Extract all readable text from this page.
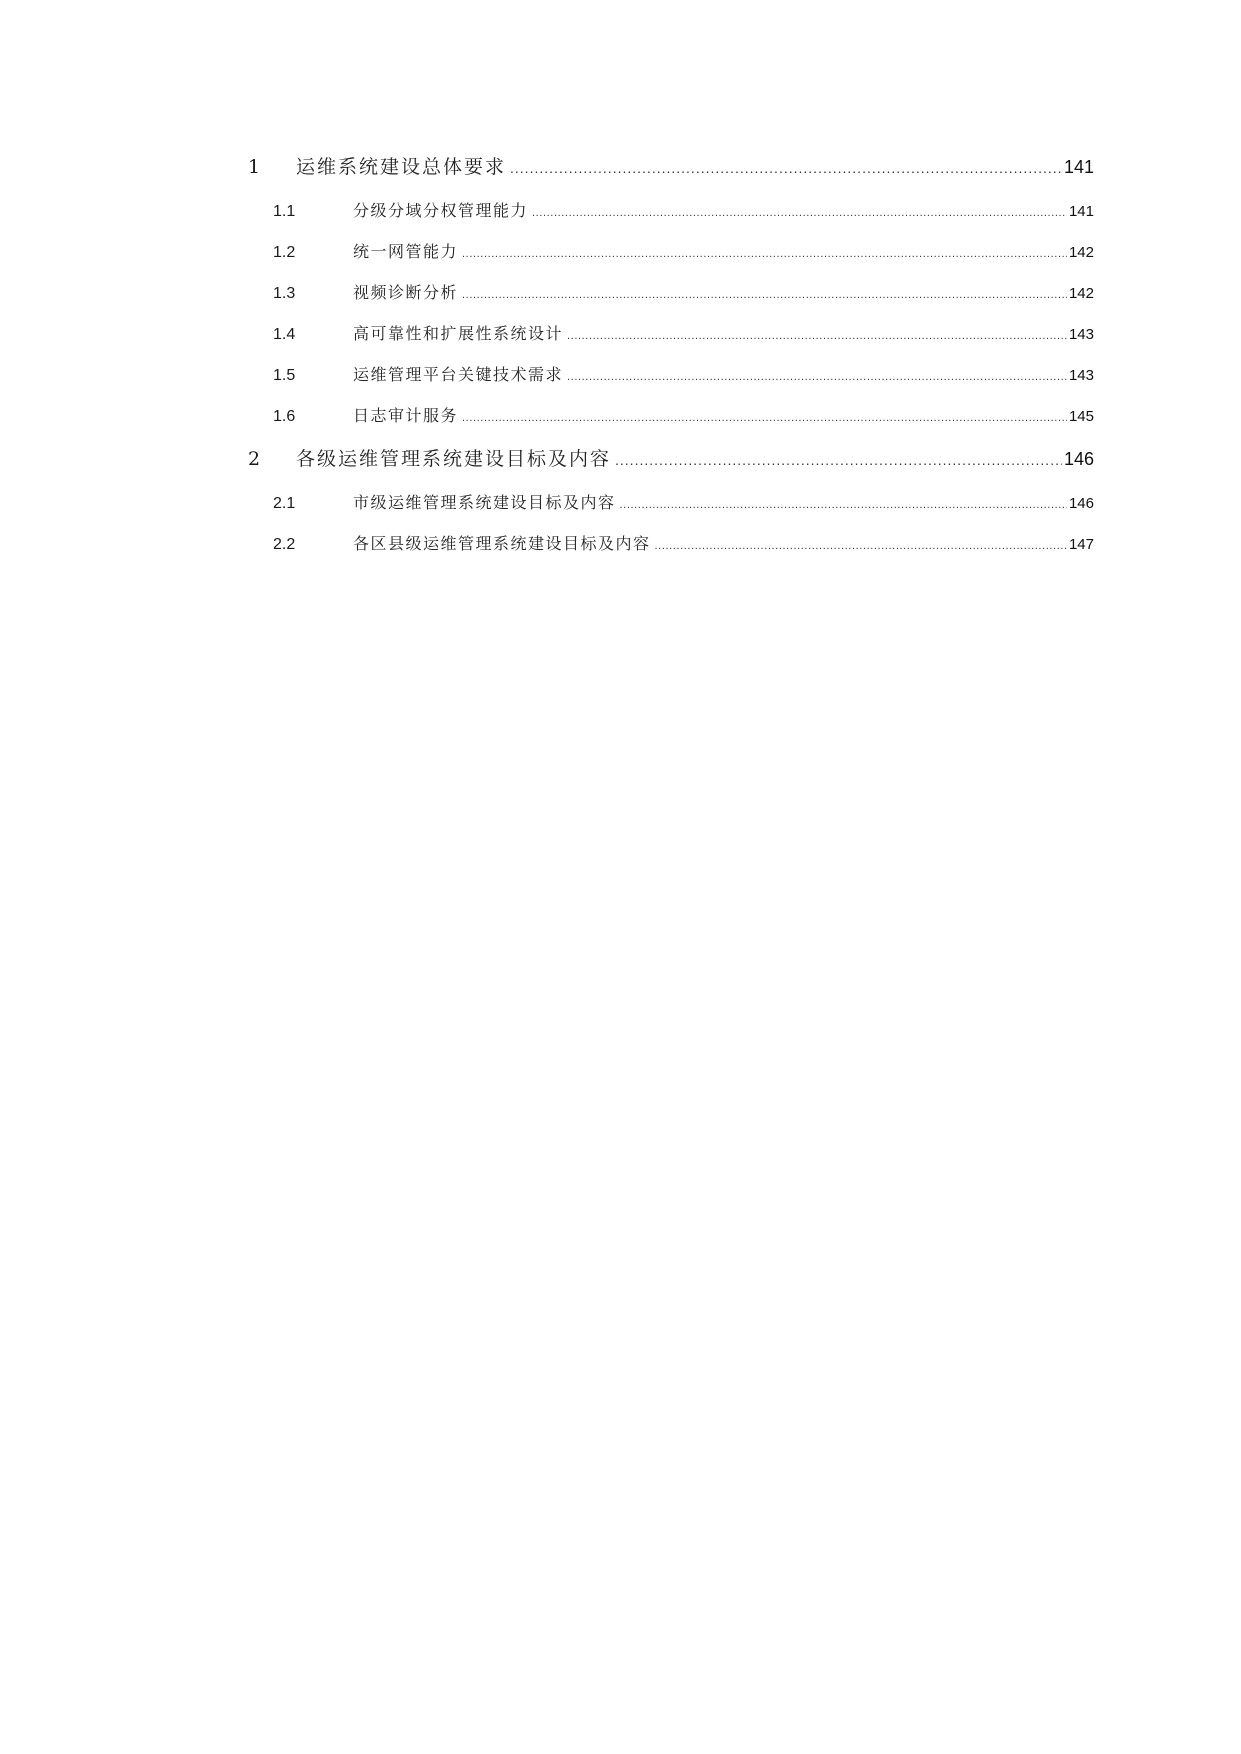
1	运维系统建设总体要求 .....	141
1.1	分级分域分权管理能力 .....	141
1.2	统一网管能力 .....	142
1.3	视频诊断分析 .....	142
1.4	高可靠性和扩展性系统设计 .....	143
1.5	运维管理平台关键技术需求 .....	143
1.6	日志审计服务 .....	145
2	各级运维管理系统建设目标及内容 .....	146
2.1	市级运维管理系统建设目标及内容 .....	146
2.2	各区县级运维管理系统建设目标及内容 .....	147
